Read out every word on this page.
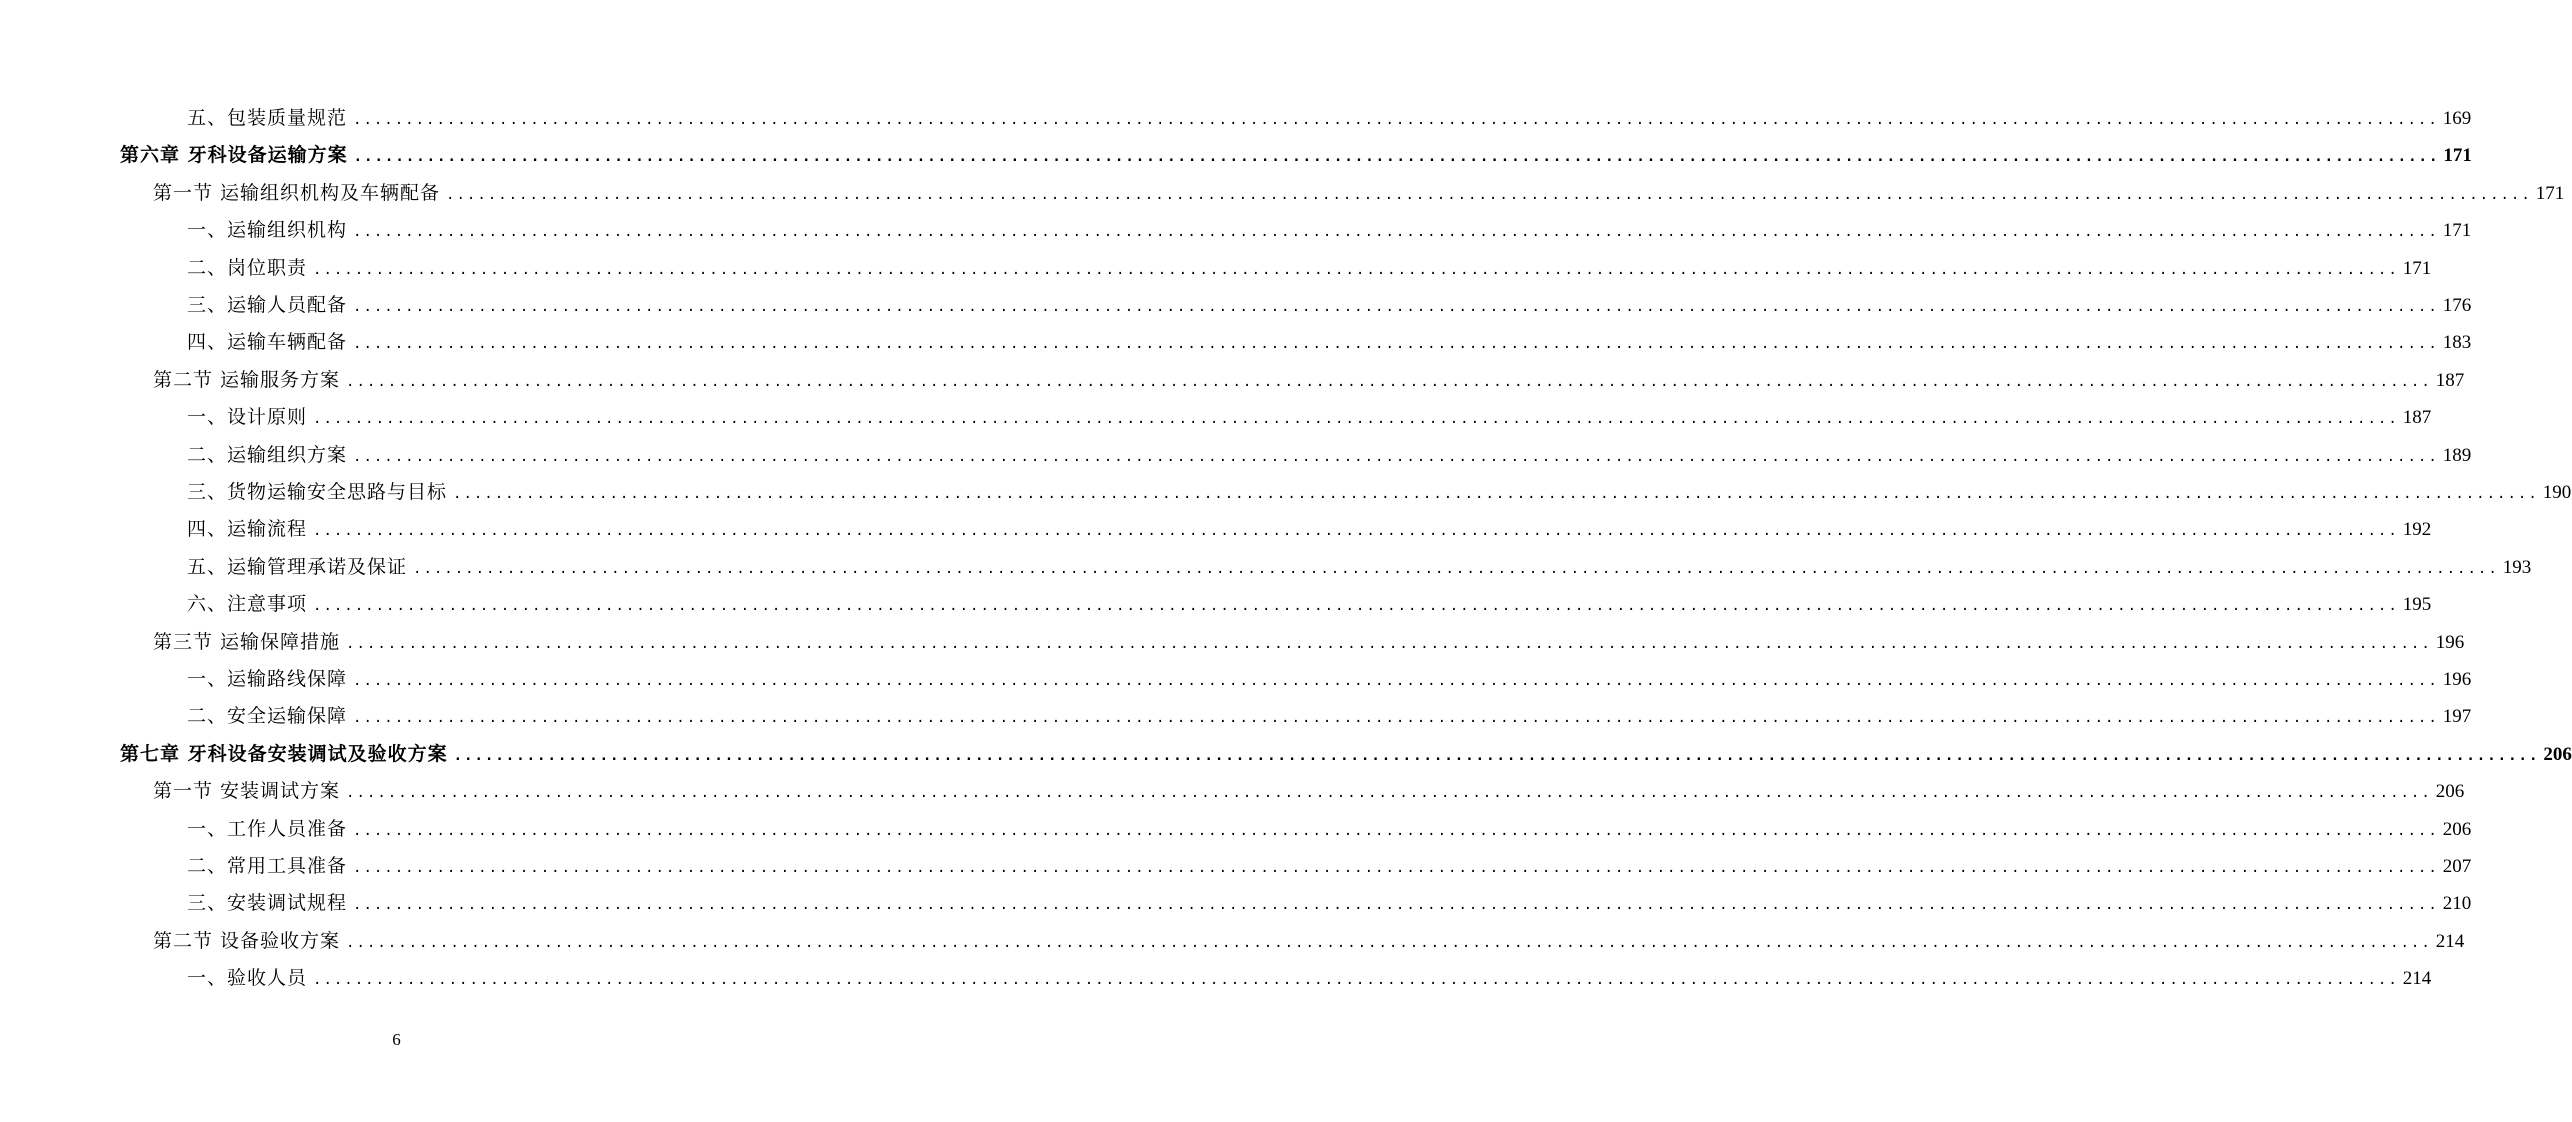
五、包装质量规范 ........................................................................................................................................................................................................ 169
第六章 牙科设备运输方案 ........................................................................................................................................................................................................ 171
第一节 运输组织机构及车辆配备 ........................................................................................................................................................................................................ 171
一、运输组织机构 ........................................................................................................................................................................................................ 171
二、岗位职责 ........................................................................................................................................................................................................ 171
三、运输人员配备 ........................................................................................................................................................................................................ 176
四、运输车辆配备 ........................................................................................................................................................................................................ 183
第二节 运输服务方案 ........................................................................................................................................................................................................ 187
一、设计原则 ........................................................................................................................................................................................................ 187
二、运输组织方案 ........................................................................................................................................................................................................ 189
三、货物运输安全思路与目标 ........................................................................................................................................................................................................ 190
四、运输流程 ........................................................................................................................................................................................................ 192
五、运输管理承诺及保证 ........................................................................................................................................................................................................ 193
六、注意事项 ........................................................................................................................................................................................................ 195
第三节 运输保障措施 ........................................................................................................................................................................................................ 196
一、运输路线保障 ........................................................................................................................................................................................................ 196
二、安全运输保障 ........................................................................................................................................................................................................ 197
第七章 牙科设备安装调试及验收方案 ........................................................................................................................................................................................................ 206
第一节 安装调试方案 ........................................................................................................................................................................................................ 206
一、工作人员准备 ........................................................................................................................................................................................................ 206
二、常用工具准备 ........................................................................................................................................................................................................ 207
三、安装调试规程 ........................................................................................................................................................................................................ 210
第二节 设备验收方案 ........................................................................................................................................................................................................ 214
一、验收人员 ........................................................................................................................................................................................................ 214
6
